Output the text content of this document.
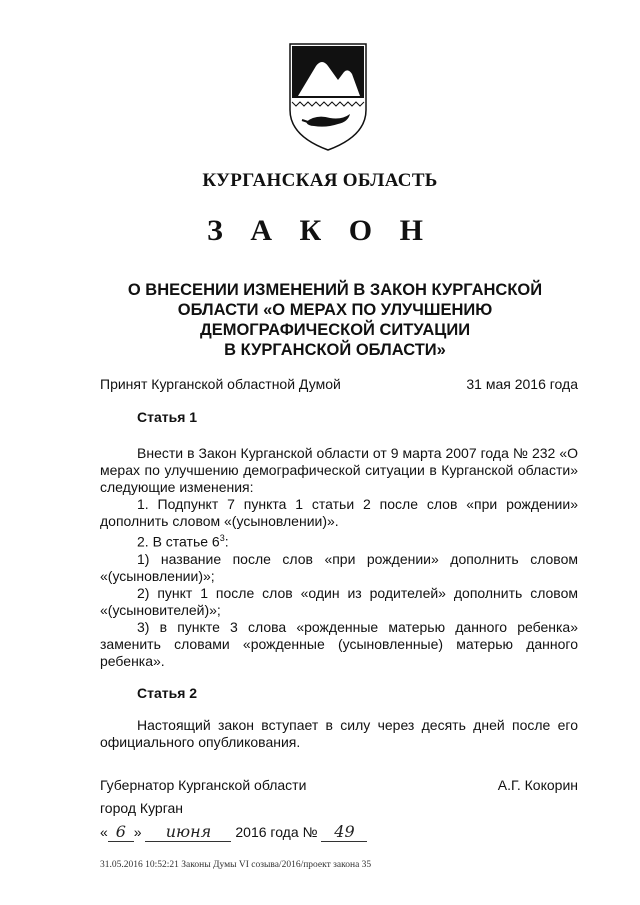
КУРГАНСКАЯ ОБЛАСТЬ
З А К О Н
О ВНЕСЕНИИ ИЗМЕНЕНИЙ В ЗАКОН КУРГАНСКОЙ
ОБЛАСТИ «О МЕРАХ ПО УЛУЧШЕНИЮ
ДЕМОГРАФИЧЕСКОЙ СИТУАЦИИ
В КУРГАНСКОЙ ОБЛАСТИ»
Принят Курганской областной Думой	31 мая 2016 года
Статья 1

Внести в Закон Курганской области от 9 марта 2007 года № 232 «О мерах по улучшению демографической ситуации в Курганской области» следующие изменения:

1. Подпункт 7 пункта 1 статьи 2 после слов «при рождении» дополнить словом «(усыновлении)».

2. В статье $6^3$:

1) название после слов «при рождении» дополнить словом «(усыновлении)»;

2) пункт 1 после слов «один из родителей» дополнить словом «(усыновителей)»;

3) в пункте 3 слова «рожденные матерью данного ребенка» заменить словами «рожденные (усыновленные) матерью данного ребенка».

Статья 2

Настоящий закон вступает в силу через десять дней после его официального опубликования.

Губернатор Курганской области	А.Г. Кокорин
город Курган
« 6 » июня 2016 года № 49
31.05.2016 10:52:21 Законы Думы VI созыва/2016/проект закона 35
